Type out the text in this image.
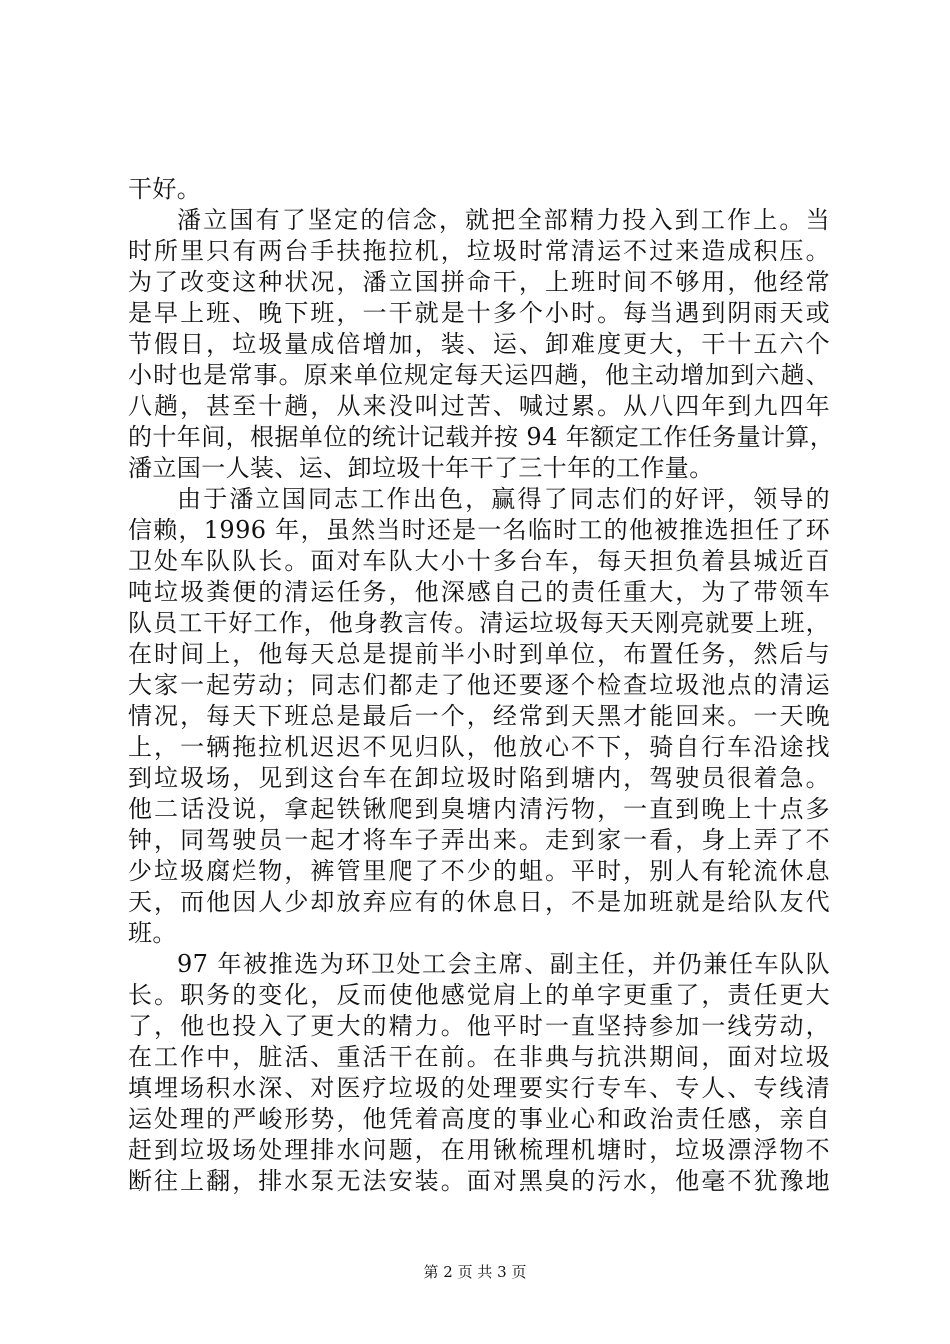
干好。
潘立国有了坚定的信念，就把全部精力投入到工作上。当
时所里只有两台手扶拖拉机，垃圾时常清运不过来造成积压。
为了改变这种状况，潘立国拼命干，上班时间不够用，他经常
是早上班、晚下班，一干就是十多个小时。每当遇到阴雨天或
节假日，垃圾量成倍增加，装、运、卸难度更大，干十五六个
小时也是常事。原来单位规定每天运四趟，他主动增加到六趟、
八趟，甚至十趟，从来没叫过苦、喊过累。从八四年到九四年
的十年间，根据单位的统计记载并按 94 年额定工作任务量计算，
潘立国一人装、运、卸垃圾十年干了三十年的工作量。
由于潘立国同志工作出色，赢得了同志们的好评，领导的
信赖，1996 年，虽然当时还是一名临时工的他被推选担任了环
卫处车队队长。面对车队大小十多台车，每天担负着县城近百
吨垃圾粪便的清运任务，他深感自己的责任重大，为了带领车
队员工干好工作，他身教言传。清运垃圾每天天刚亮就要上班，
在时间上，他每天总是提前半小时到单位，布置任务，然后与
大家一起劳动；同志们都走了他还要逐个检查垃圾池点的清运
情况，每天下班总是最后一个，经常到天黑才能回来。一天晚
上，一辆拖拉机迟迟不见归队，他放心不下，骑自行车沿途找
到垃圾场，见到这台车在卸垃圾时陷到塘内，驾驶员很着急。
他二话没说，拿起铁锹爬到臭塘内清污物，一直到晚上十点多
钟，同驾驶员一起才将车子弄出来。走到家一看，身上弄了不
少垃圾腐烂物，裤管里爬了不少的蛆。平时，别人有轮流休息
天，而他因人少却放弃应有的休息日，不是加班就是给队友代
班。
97 年被推选为环卫处工会主席、副主任，并仍兼任车队队
长。职务的变化，反而使他感觉肩上的单字更重了，责任更大
了，他也投入了更大的精力。他平时一直坚持参加一线劳动，
在工作中，脏活、重活干在前。在非典与抗洪期间，面对垃圾
填埋场积水深、对医疗垃圾的处理要实行专车、专人、专线清
运处理的严峻形势，他凭着高度的事业心和政治责任感，亲自
赶到垃圾场处理排水问题，在用锹梳理机塘时，垃圾漂浮物不
断往上翻，排水泵无法安装。面对黑臭的污水，他毫不犹豫地
第 2 页 共 3 页
